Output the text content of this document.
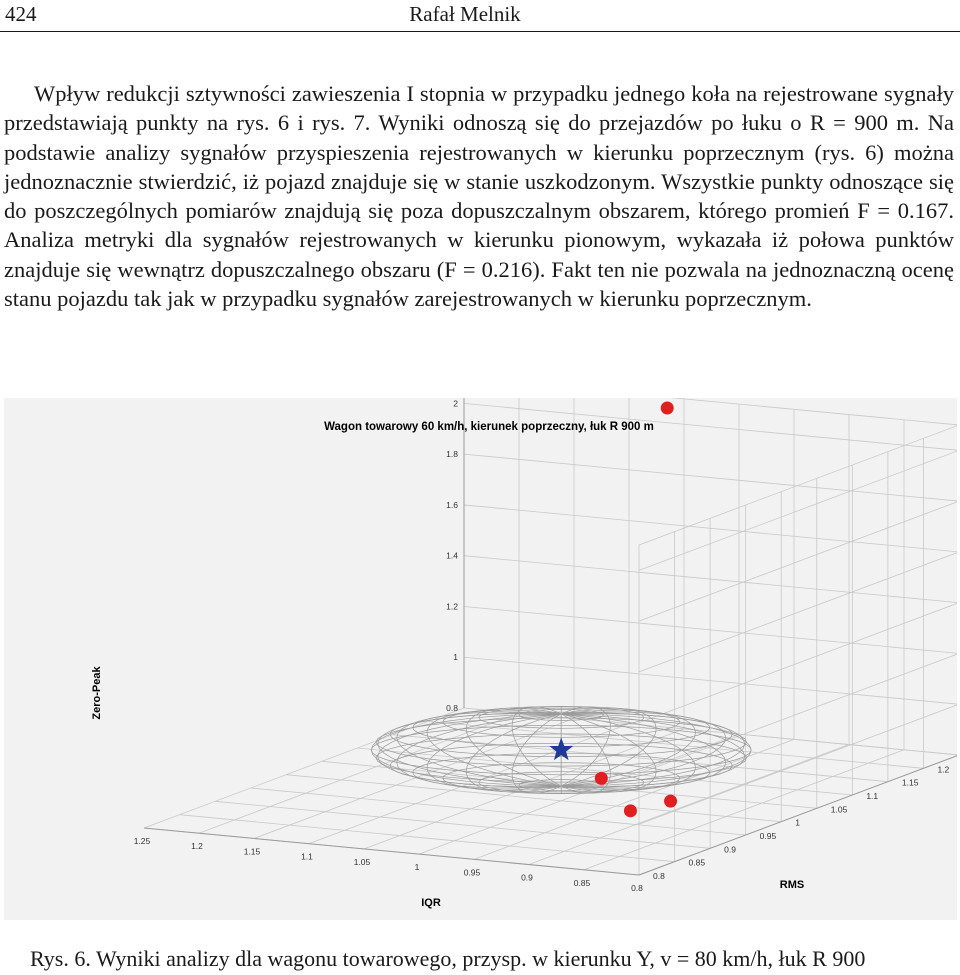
424	Rafał Melnik

Wpływ redukcji sztywności zawieszenia I stopnia w przypadku jednego koła na rejestrowane sygnały przedstawiają punkty na rys. 6 i rys. 7. Wyniki odnoszą się do przejazdów po łuku o R = 900 m. Na podstawie analizy sygnałów przyspieszenia rejestrowanych w kierunku poprzecznym (rys. 6) można jednoznacznie stwierdzić, iż pojazd znajduje się w stanie uszkodzonym. Wszystkie punkty odnoszące się do poszczególnych pomiarów znajdują się poza dopuszczalnym obszarem, którego promień F = 0.167. Analiza metryki dla sygnałów rejestrowanych w kierunku pionowym, wykazała iż połowa punktów znajduje się wewnątrz dopuszczalnego obszaru (F = 0.216). Fakt ten nie pozwala na jednoznaczną ocenę stanu pojazdu tak jak w przypadku sygnałów zarejestrowanych w kierunku poprzecznym.

1.25
1.2
1.15
1.1
1.05
1
0.95
0.9
0.85
0.8
0.8
0.85
0.9
0.95
1
1.05
1.1
1.15
1.2
0.8
1
1.2
1.4
1.6
1.8
2
Wagon towarowy 60 km/h, kierunek poprzeczny, łuk R 900 m
IQR
RMS
Zero-Peak
Rys. 6. Wyniki analizy dla wagonu towarowego, przysp. w kierunku Y, v = 80 km/h, łuk R 900
